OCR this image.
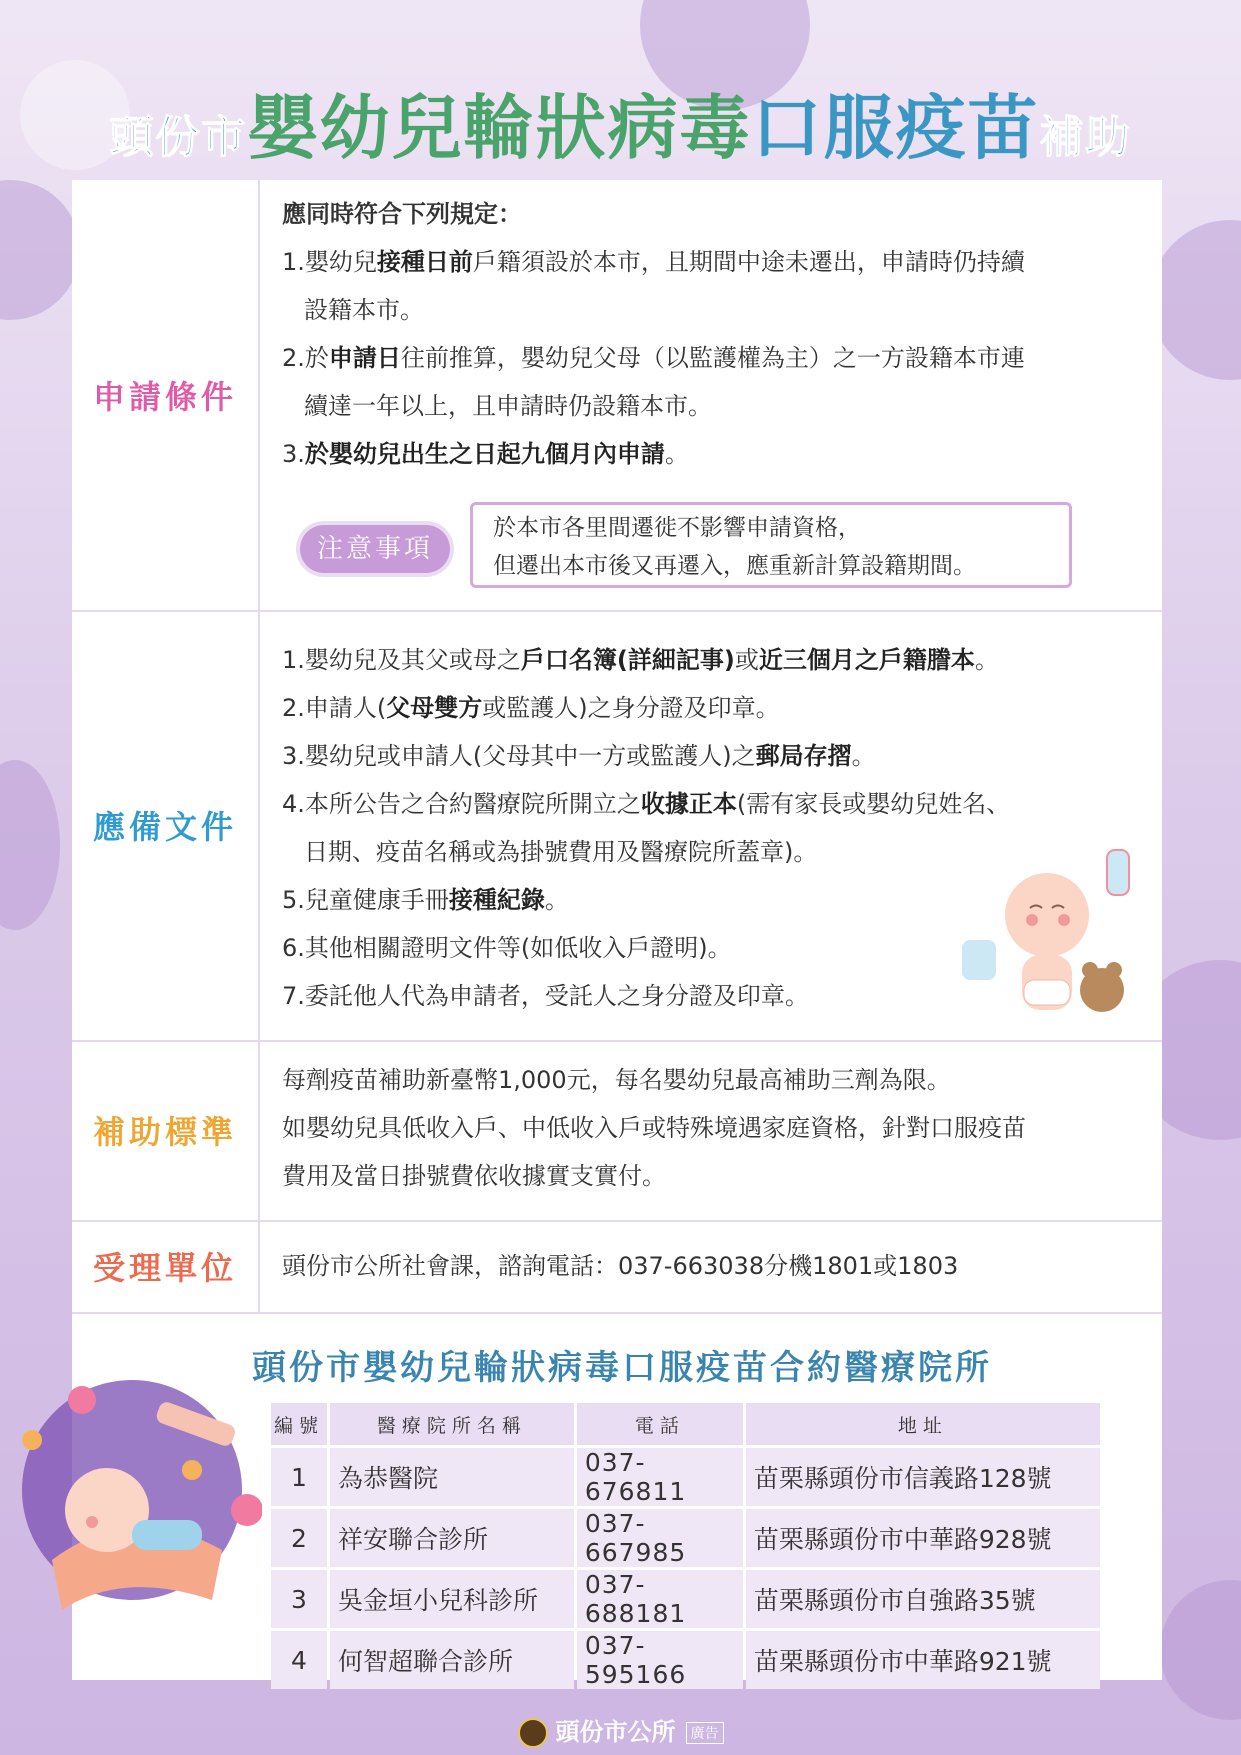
頭份市嬰幼兒輪狀病毒口服疫苗補助
申請條件
應同時符合下列規定：
1.嬰幼兒接種日前戶籍須設於本市，且期間中途未遷出，申請時仍持續
設籍本市。
2.於申請日往前推算，嬰幼兒父母（以監護權為主）之一方設籍本市連
續達一年以上，且申請時仍設籍本市。
3.於嬰幼兒出生之日起九個月內申請。
注意事項
於本市各里間遷徙不影響申請資格，
但遷出本市後又再遷入，應重新計算設籍期間。
應備文件
1.嬰幼兒及其父或母之戶口名簿(詳細記事)或近三個月之戶籍謄本。
2.申請人(父母雙方或監護人)之身分證及印章。
3.嬰幼兒或申請人(父母其中一方或監護人)之郵局存摺。
4.本所公告之合約醫療院所開立之收據正本(需有家長或嬰幼兒姓名、
日期、疫苗名稱或為掛號費用及醫療院所蓋章)。
5.兒童健康手冊接種紀錄。
6.其他相關證明文件等(如低收入戶證明)。
7.委託他人代為申請者，受託人之身分證及印章。
補助標準
每劑疫苗補助新臺幣1,000元，每名嬰幼兒最高補助三劑為限。
如嬰幼兒具低收入戶、中低收入戶或特殊境遇家庭資格，針對口服疫苗
費用及當日掛號費依收據實支實付。
受理單位	頭份市公所社會課，諮詢電話：037-663038分機1801或1803
頭份市嬰幼兒輪狀病毒口服疫苗合約醫療院所
編號	醫療院所名稱	電話	地址
1	為恭醫院	037-676811	苗栗縣頭份市信義路128號
2	祥安聯合診所	037-667985	苗栗縣頭份市中華路928號
3	吳金垣小兒科診所	037-688181	苗栗縣頭份市自強路35號
4	何智超聯合診所	037-595166	苗栗縣頭份市中華路921號
頭份市公所 廣告
